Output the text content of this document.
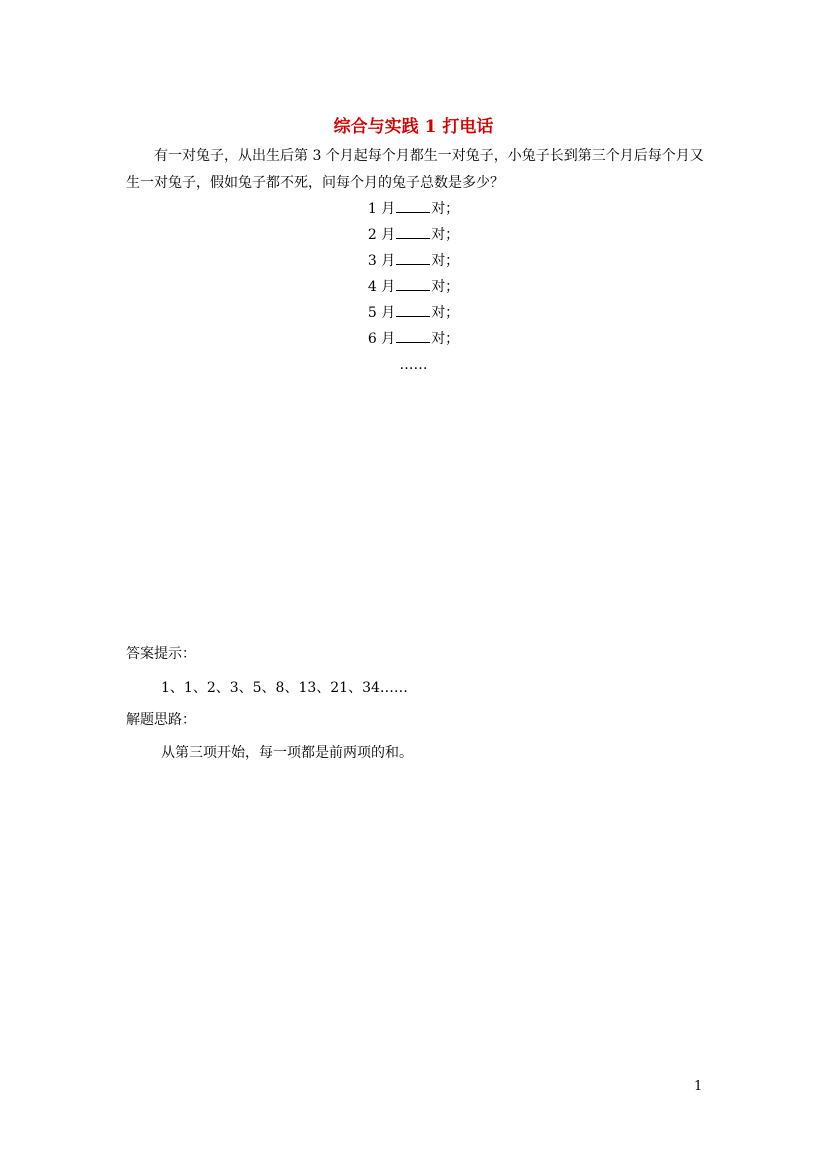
综合与实践 1 打电话
有一对兔子，从出生后第 3 个月起每个月都生一对兔子，小兔子长到第三个月后每个月又生一对兔子，假如兔子都不死，问每个月的兔子总数是多少？
1 月	对；
2 月	对；
3 月	对；
4 月	对；
5 月	对；
6 月	对；
……
答案提示：
1、1、2、3、5、8、13、21、34……
解题思路：
从第三项开始，每一项都是前两项的和。
1
